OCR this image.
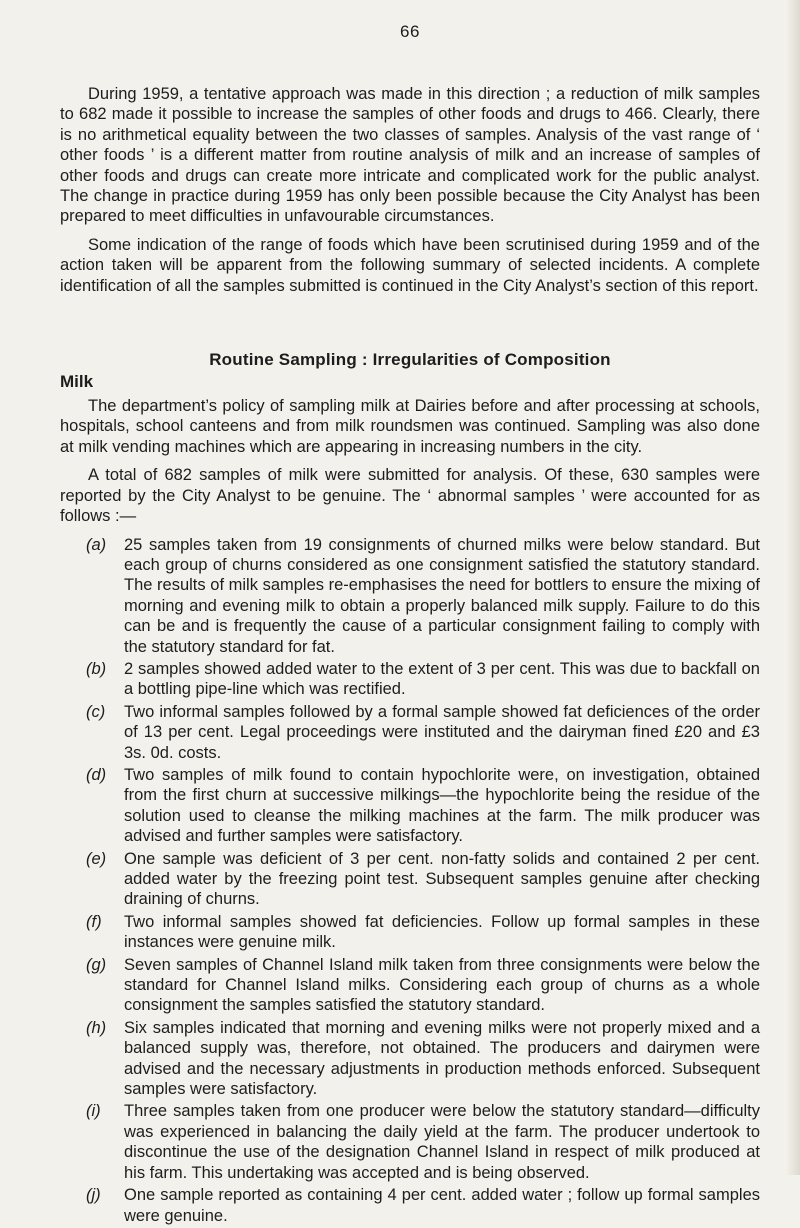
66

During 1959, a tentative approach was made in this direction ; a reduction of milk samples to 682 made it possible to increase the samples of other foods and drugs to 466. Clearly, there is no arithmetical equality between the two classes of samples. Analysis of the vast range of ‘ other foods ’ is a different matter from routine analysis of milk and an increase of samples of other foods and drugs can create more intricate and complicated work for the public analyst. The change in practice during 1959 has only been possible because the City Analyst has been prepared to meet difficulties in unfavourable circumstances.

Some indication of the range of foods which have been scrutinised during 1959 and of the action taken will be apparent from the following summary of selected incidents. A complete identification of all the samples submitted is continued in the City Analyst’s section of this report.

Routine Sampling : Irregularities of Composition
Milk

The department’s policy of sampling milk at Dairies before and after processing at schools, hospitals, school canteens and from milk roundsmen was continued. Sampling was also done at milk vending machines which are appearing in increasing numbers in the city.

A total of 682 samples of milk were submitted for analysis. Of these, 630 samples were reported by the City Analyst to be genuine. The ‘ abnormal samples ’ were accounted for as follows :—

(a)	25 samples taken from 19 consignments of churned milks were below standard. But each group of churns considered as one consignment satisfied the statutory standard. The results of milk samples re-emphasises the need for bottlers to ensure the mixing of morning and evening milk to obtain a properly balanced milk supply. Failure to do this can be and is frequently the cause of a particular consignment failing to comply with the statutory standard for fat.
(b)	2 samples showed added water to the extent of 3 per cent. This was due to backfall on a bottling pipe-line which was rectified.
(c)	Two informal samples followed by a formal sample showed fat deficiences of the order of 13 per cent. Legal proceedings were instituted and the dairyman fined £20 and £3 3s. 0d. costs.
(d)	Two samples of milk found to contain hypochlorite were, on investigation, obtained from the first churn at successive milkings—the hypochlorite being the residue of the solution used to cleanse the milking machines at the farm. The milk producer was advised and further samples were satisfactory.
(e)	One sample was deficient of 3 per cent. non-fatty solids and contained 2 per cent. added water by the freezing point test. Subsequent samples genuine after checking draining of churns.
(f)	Two informal samples showed fat deficiencies. Follow up formal samples in these instances were genuine milk.
(g)	Seven samples of Channel Island milk taken from three consignments were below the standard for Channel Island milks. Considering each group of churns as a whole consignment the samples satisfied the statutory standard.
(h)	Six samples indicated that morning and evening milks were not properly mixed and a balanced supply was, therefore, not obtained. The producers and dairymen were advised and the necessary adjustments in production methods enforced. Subsequent samples were satisfactory.
(i)	Three samples taken from one producer were below the statutory standard—difficulty was experienced in balancing the daily yield at the farm. The producer undertook to discontinue the use of the designation Channel Island in respect of milk produced at his farm. This undertaking was accepted and is being observed.
(j)	One sample reported as containing 4 per cent. added water ; follow up formal samples were genuine.
